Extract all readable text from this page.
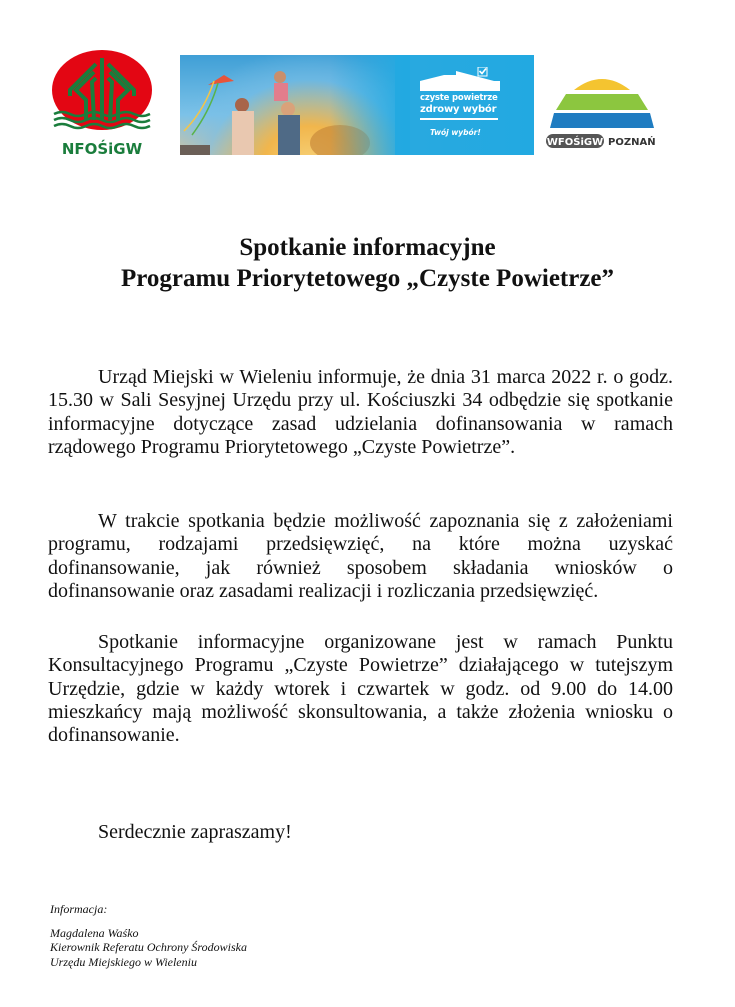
NFOŚiGW
czyste powietrze
zdrowy wybór
Twój wybór!
WFOŚiGW POZNAŃ
Spotkanie informacyjne
Programu Priorytetowego „Czyste Powietrze”

Urząd Miejski w Wieleniu informuje, że dnia 31 marca 2022 r. o godz. 15.30 w Sali Sesyjnej Urzędu przy ul. Kościuszki 34 odbędzie się spotkanie informacyjne dotyczące zasad udzielania dofinansowania w ramach rządowego Programu Priorytetowego „Czyste Powietrze”.

W trakcie spotkania będzie możliwość zapoznania się z założeniami programu, rodzajami przedsięwzięć, na które można uzyskać dofinansowanie, jak również sposobem składania wniosków o dofinansowanie oraz zasadami realizacji i rozliczania przedsięwzięć.

Spotkanie informacyjne organizowane jest w ramach Punktu Konsultacyjnego Programu „Czyste Powietrze” działającego w tutejszym Urzędzie, gdzie w każdy wtorek i czwartek w godz. od 9.00 do 14.00 mieszkańcy mają możliwość skonsultowania, a także złożenia wniosku o dofinansowanie.

Serdecznie zapraszamy!
Informacja:
Magdalena Waśko
Kierownik Referatu Ochrony Środowiska
Urzędu Miejskiego w Wieleniu
